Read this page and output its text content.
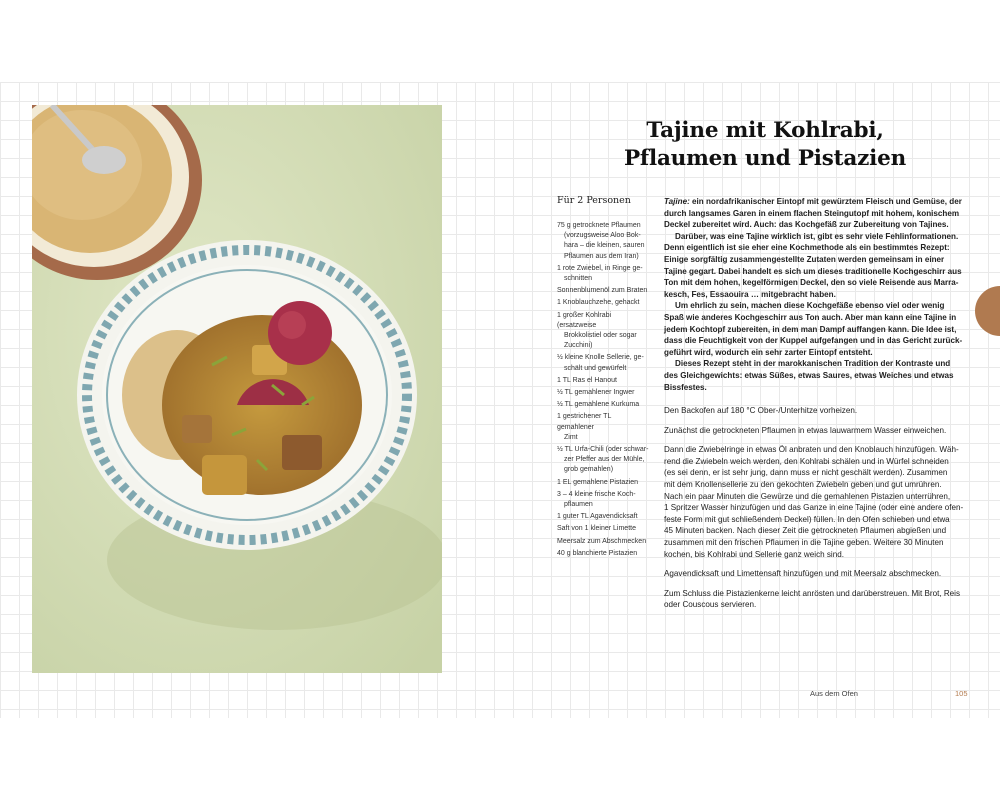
Tajine mit Kohlrabi,
Pflaumen und Pistazien
Für 2 Personen
75 g getrocknete Pflaumen
(vorzugsweise Aloo Bok-
hara – die kleinen, sauren
Pflaumen aus dem Iran)
1 rote Zwiebel, in Ringe ge-
schnitten
Sonnenblumenöl zum Braten
1 Knoblauchzehe, gehackt
1 großer Kohlrabi (ersatzweise
Brokkolistiel oder sogar
Zucchini)
½ kleine Knolle Sellerie, ge-
schält und gewürfelt
1 TL Ras el Hanout
½ TL gemahlener Ingwer
½ TL gemahlene Kurkuma
1 gestrichener TL gemahlener
Zimt
½ TL Urfa-Chili (oder schwar-
zer Pfeffer aus der Mühle,
grob gemahlen)
1 EL gemahlene Pistazien
3 – 4 kleine frische Koch-
pflaumen
1 guter TL Agavendicksaft
Saft von 1 kleiner Limette
Meersalz zum Abschmecken
40 g blanchierte Pistazien
Tajine: ein nordafrikanischer Eintopf mit gewürztem Fleisch und Gemüse, der
durch langsames Garen in einem flachen Steingutopf mit hohem, konischem
Deckel zubereitet wird. Auch: das Kochgefäß zur Zubereitung von Tajines.
Darüber, was eine Tajine wirklich ist, gibt es sehr viele Fehlinformationen.
Denn eigentlich ist sie eher eine Kochmethode als ein bestimmtes Rezept:
Einige sorgfältig zusammengestellte Zutaten werden gemeinsam in einer
Tajine gegart. Dabei handelt es sich um dieses traditionelle Kochgeschirr aus
Ton mit dem hohen, kegelförmigen Deckel, den so viele Reisende aus Marra-
kesch, Fes, Essaouira … mitgebracht haben.
Um ehrlich zu sein, machen diese Kochgefäße ebenso viel oder wenig
Spaß wie anderes Kochgeschirr aus Ton auch. Aber man kann eine Tajine in
jedem Kochtopf zubereiten, in dem man Dampf auffangen kann. Die Idee ist,
dass die Feuchtigkeit von der Kuppel aufgefangen und in das Gericht zurück-
geführt wird, wodurch ein sehr zarter Eintopf entsteht.
Dieses Rezept steht in der marokkanischen Tradition der Kontraste und
des Gleichgewichts: etwas Süßes, etwas Saures, etwas Weiches und etwas
Bissfestes.
Den Backofen auf 180 °C Ober-/Unterhitze vorheizen.
Zunächst die getrockneten Pflaumen in etwas lauwarmem Wasser einweichen.
Dann die Zwiebelringe in etwas Öl anbraten und den Knoblauch hinzufügen. Wäh-
rend die Zwiebeln weich werden, den Kohlrabi schälen und in Würfel schneiden
(es sei denn, er ist sehr jung, dann muss er nicht geschält werden). Zusammen
mit dem Knollensellerie zu den gekochten Zwiebeln geben und gut umrühren.
Nach ein paar Minuten die Gewürze und die gemahlenen Pistazien unterrühren,
1 Spritzer Wasser hinzufügen und das Ganze in eine Tajine (oder eine andere ofen-
feste Form mit gut schließendem Deckel) füllen. In den Ofen schieben und etwa
45 Minuten backen. Nach dieser Zeit die getrockneten Pflaumen abgießen und
zusammen mit den frischen Pflaumen in die Tajine geben. Weitere 30 Minuten
kochen, bis Kohlrabi und Sellerie ganz weich sind.
Agavendicksaft und Limettensaft hinzufügen und mit Meersalz abschmecken.
Zum Schluss die Pistazienkerne leicht anrösten und darüberstreuen. Mit Brot, Reis
oder Couscous servieren.
Aus dem Ofen	105
